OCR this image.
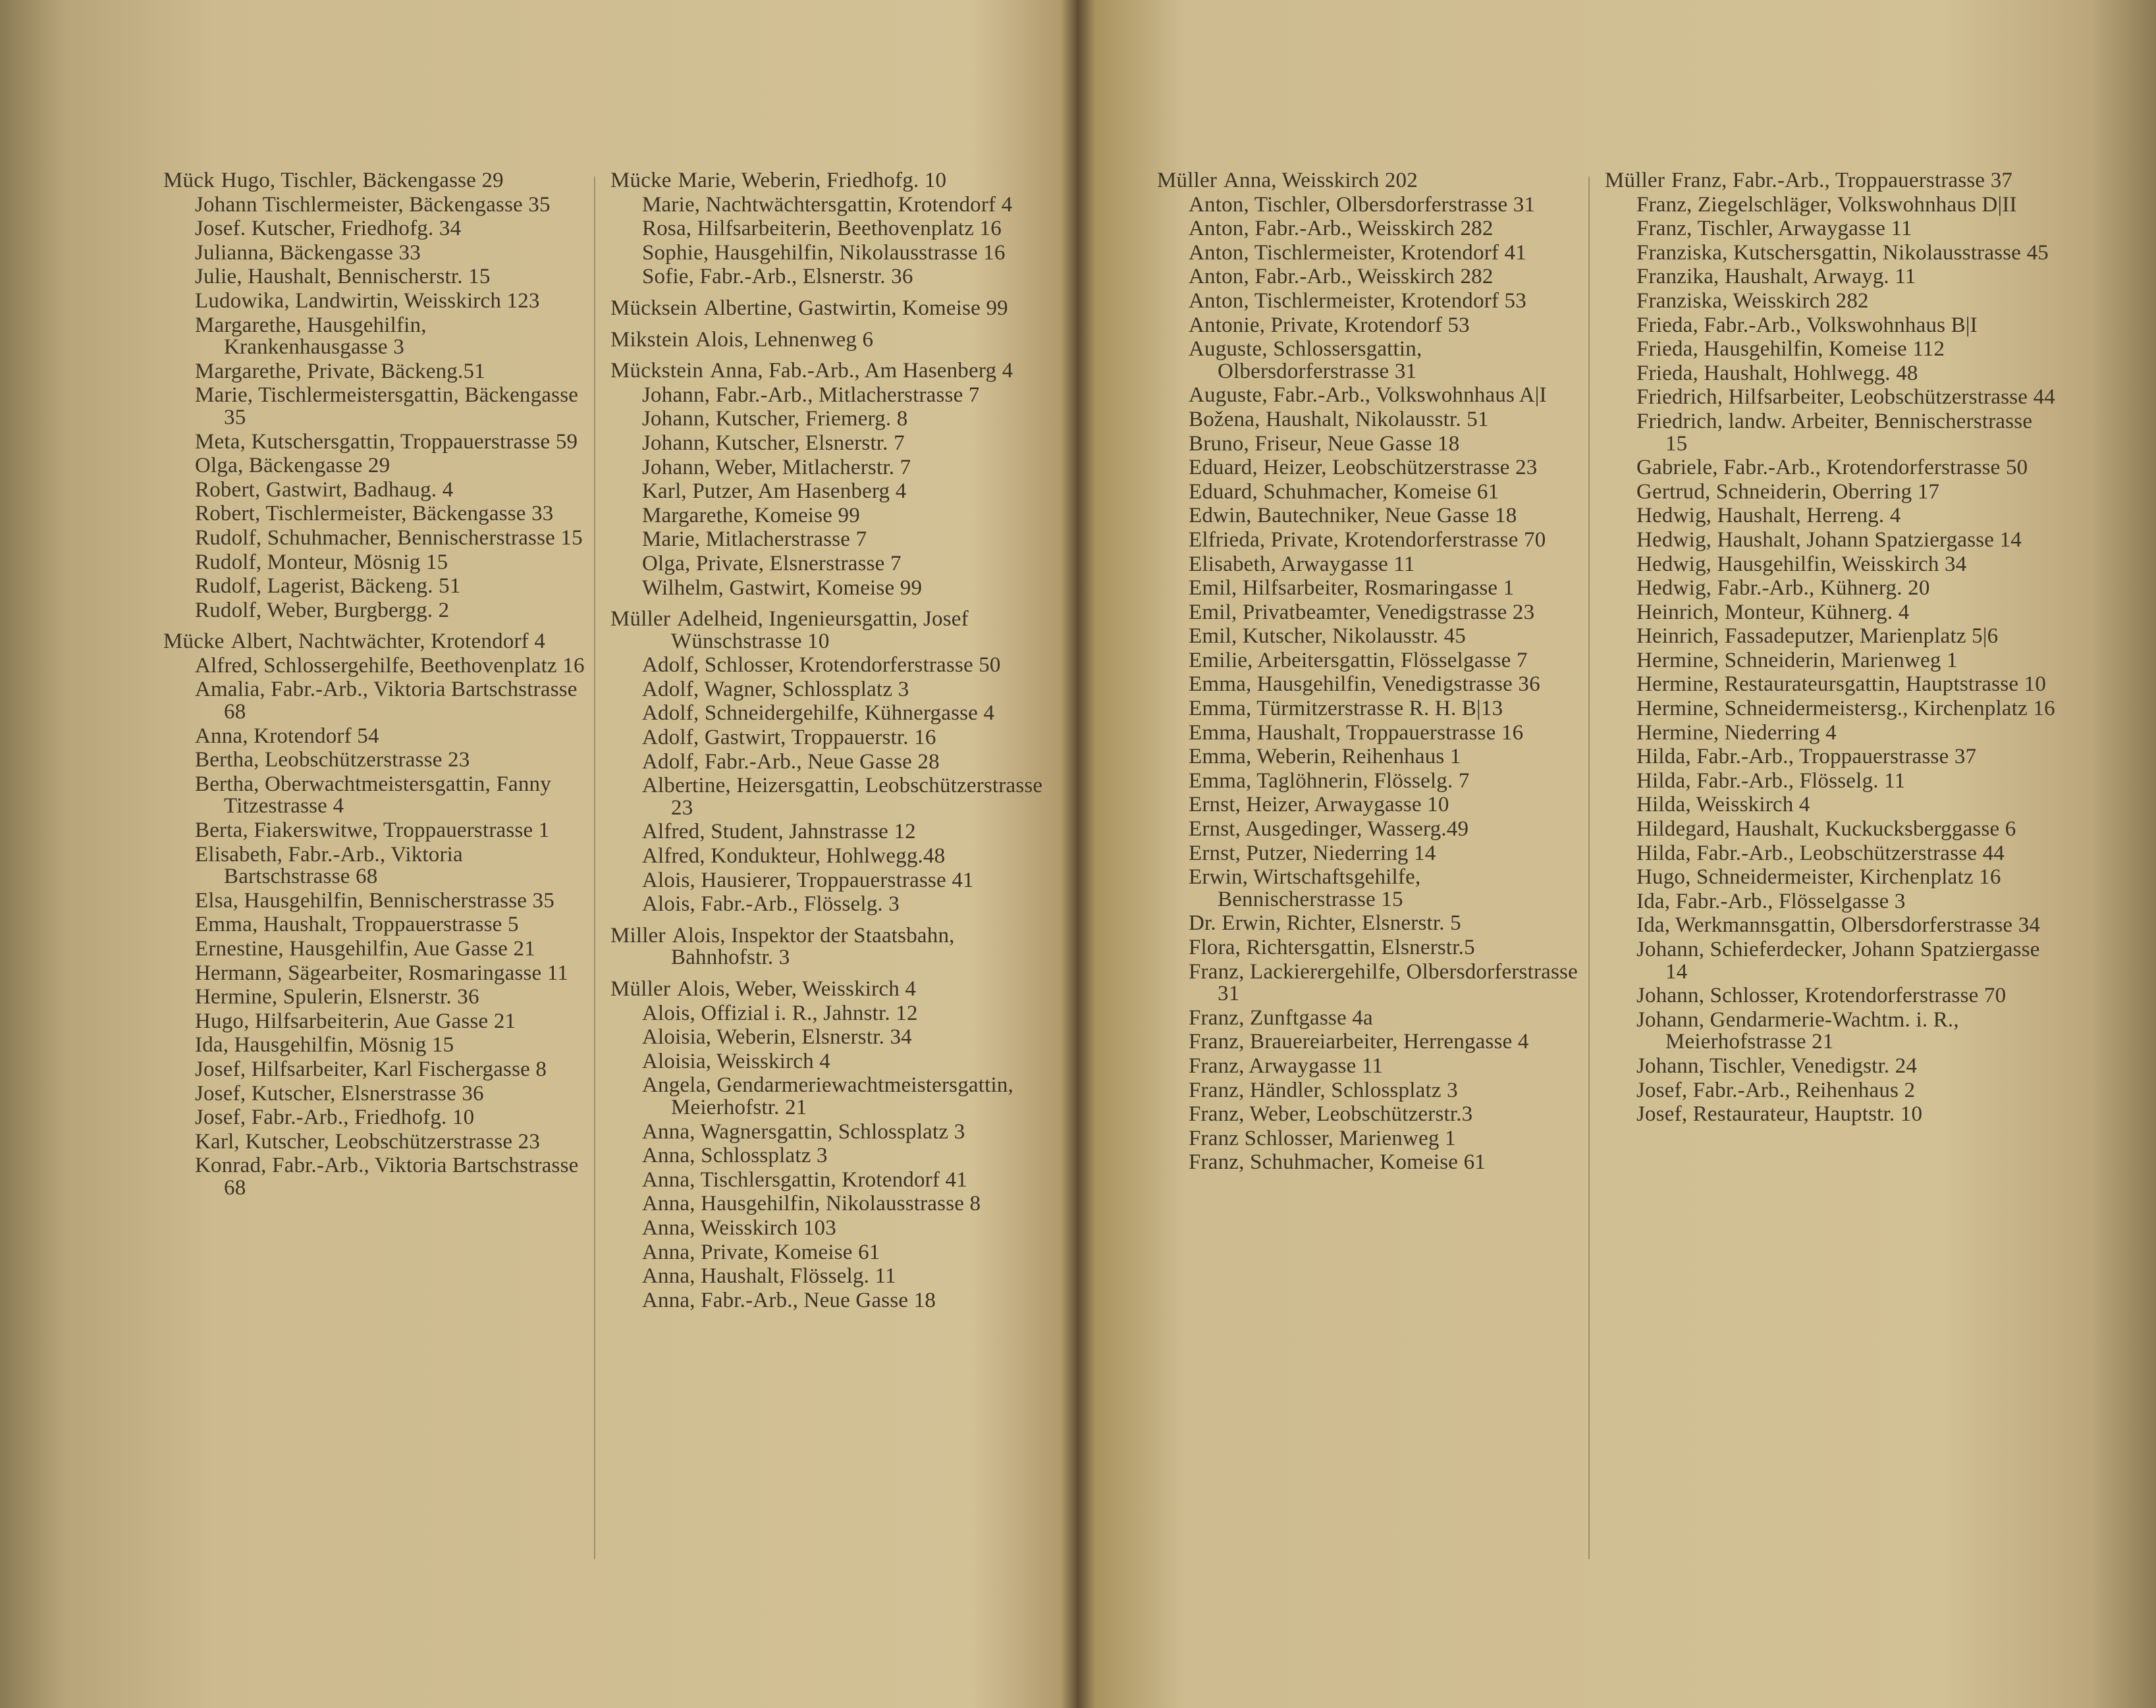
Mück Hugo, Tischler, Bäckengasse 29
Johann Tischlermeister, Bäckengasse 35
Josef. Kutscher, Friedhofg. 34
Julianna, Bäckengasse 33
Julie, Haushalt, Bennischerstr. 15
Ludowika, Landwirtin, Weisskirch 123
Margarethe, Hausgehilfin, Krankenhausgasse 3
Margarethe, Private, Bäckeng.51
Marie, Tischlermeistersgattin, Bäckengasse 35
Meta, Kutschersgattin, Troppauerstrasse 59
Olga, Bäckengasse 29
Robert, Gastwirt, Badhaug. 4
Robert, Tischlermeister, Bäckengasse 33
Rudolf, Schuhmacher, Bennischerstrasse 15
Rudolf, Monteur, Mösnig 15
Rudolf, Lagerist, Bäckeng. 51
Rudolf, Weber, Burgbergg. 2
Mücke Albert, Nachtwächter, Krotendorf 4
Alfred, Schlossergehilfe, Beethovenplatz 16
Amalia, Fabr.-Arb., Viktoria Bartschstrasse 68
Anna, Krotendorf 54
Bertha, Leobschützerstrasse 23
Bertha, Oberwachtmeistersgattin, Fanny Titzestrasse 4
Berta, Fiakerswitwe, Troppauerstrasse 1
Elisabeth, Fabr.-Arb., Viktoria Bartschstrasse 68
Elsa, Hausgehilfin, Bennischerstrasse 35
Emma, Haushalt, Troppauerstrasse 5
Ernestine, Hausgehilfin, Aue Gasse 21
Hermann, Sägearbeiter, Rosmaringasse 11
Hermine, Spulerin, Elsnerstr. 36
Hugo, Hilfsarbeiterin, Aue Gasse 21
Ida, Hausgehilfin, Mösnig 15
Josef, Hilfsarbeiter, Karl Fischergasse 8
Josef, Kutscher, Elsnerstrasse 36
Josef, Fabr.-Arb., Friedhofg. 10
Karl, Kutscher, Leobschützerstrasse 23
Konrad, Fabr.-Arb., Viktoria Bartschstrasse 68
Mücke Marie, Weberin, Friedhofg. 10
Marie, Nachtwächtersgattin, Krotendorf 4
Rosa, Hilfsarbeiterin, Beethovenplatz 16
Sophie, Hausgehilfin, Nikolausstrasse 16
Sofie, Fabr.-Arb., Elsnerstr. 36
Mücksein Albertine, Gastwirtin, Komeise 99
Mikstein Alois, Lehnenweg 6
Mückstein Anna, Fab.-Arb., Am Hasenberg 4
Johann, Fabr.-Arb., Mitlacherstrasse 7
Johann, Kutscher, Friemerg. 8
Johann, Kutscher, Elsnerstr. 7
Johann, Weber, Mitlacherstr. 7
Karl, Putzer, Am Hasenberg 4
Margarethe, Komeise 99
Marie, Mitlacherstrasse 7
Olga, Private, Elsnerstrasse 7
Wilhelm, Gastwirt, Komeise 99
Müller Adelheid, Ingenieursgattin, Josef Wünschstrasse 10
Adolf, Schlosser, Krotendorferstrasse 50
Adolf, Wagner, Schlossplatz 3
Adolf, Schneidergehilfe, Kühnergasse 4
Adolf, Gastwirt, Troppauerstr. 16
Adolf, Fabr.-Arb., Neue Gasse 28
Albertine, Heizersgattin, Leobschützerstrasse 23
Alfred, Student, Jahnstrasse 12
Alfred, Kondukteur, Hohlwegg.48
Alois, Hausierer, Troppauerstrasse 41
Alois, Fabr.-Arb., Flösselg. 3
Miller Alois, Inspektor der Staatsbahn, Bahnhofstr. 3
Müller Alois, Weber, Weisskirch 4
Alois, Offizial i. R., Jahnstr. 12
Aloisia, Weberin, Elsnerstr. 34
Aloisia, Weisskirch 4
Angela, Gendarmeriewachtmeistersgattin, Meierhofstr. 21
Anna, Wagnersgattin, Schlossplatz 3
Anna, Schlossplatz 3
Anna, Tischlersgattin, Krotendorf 41
Anna, Hausgehilfin, Nikolausstrasse 8
Anna, Weisskirch 103
Anna, Private, Komeise 61
Anna, Haushalt, Flösselg. 11
Anna, Fabr.-Arb., Neue Gasse 18
Müller Anna, Weisskirch 202
Anton, Tischler, Olbersdorferstrasse 31
Anton, Fabr.-Arb., Weisskirch 282
Anton, Tischlermeister, Krotendorf 41
Anton, Fabr.-Arb., Weisskirch 282
Anton, Tischlermeister, Krotendorf 53
Antonie, Private, Krotendorf 53
Auguste, Schlossersgattin, Olbersdorferstrasse 31
Auguste, Fabr.-Arb., Volkswohnhaus A|I
Božena, Haushalt, Nikolausstr. 51
Bruno, Friseur, Neue Gasse 18
Eduard, Heizer, Leobschützerstrasse 23
Eduard, Schuhmacher, Komeise 61
Edwin, Bautechniker, Neue Gasse 18
Elfrieda, Private, Krotendorferstrasse 70
Elisabeth, Arwaygasse 11
Emil, Hilfsarbeiter, Rosmaringasse 1
Emil, Privatbeamter, Venedigstrasse 23
Emil, Kutscher, Nikolausstr. 45
Emilie, Arbeitersgattin, Flösselgasse 7
Emma, Hausgehilfin, Venedigstrasse 36
Emma, Türmitzerstrasse R. H. B|13
Emma, Haushalt, Troppauerstrasse 16
Emma, Weberin, Reihenhaus 1
Emma, Taglöhnerin, Flösselg. 7
Ernst, Heizer, Arwaygasse 10
Ernst, Ausgedinger, Wasserg.49
Ernst, Putzer, Niederring 14
Erwin, Wirtschaftsgehilfe, Bennischerstrasse 15
Dr. Erwin, Richter, Elsnerstr. 5
Flora, Richtersgattin, Elsnerstr.5
Franz, Lackierergehilfe, Olbersdorferstrasse 31
Franz, Zunftgasse 4a
Franz, Brauereiarbeiter, Herrengasse 4
Franz, Arwaygasse 11
Franz, Händler, Schlossplatz 3
Franz, Weber, Leobschützerstr.3
Franz Schlosser, Marienweg 1
Franz, Schuhmacher, Komeise 61
Müller Franz, Fabr.-Arb., Troppauerstrasse 37
Franz, Ziegelschläger, Volkswohnhaus D|II
Franz, Tischler, Arwaygasse 11
Franziska, Kutschersgattin, Nikolausstrasse 45
Franzika, Haushalt, Arwayg. 11
Franziska, Weisskirch 282
Frieda, Fabr.-Arb., Volkswohnhaus B|I
Frieda, Hausgehilfin, Komeise 112
Frieda, Haushalt, Hohlwegg. 48
Friedrich, Hilfsarbeiter, Leobschützerstrasse 44
Friedrich, landw. Arbeiter, Bennischerstrasse 15
Gabriele, Fabr.-Arb., Krotendorferstrasse 50
Gertrud, Schneiderin, Oberring 17
Hedwig, Haushalt, Herreng. 4
Hedwig, Haushalt, Johann Spatziergasse 14
Hedwig, Hausgehilfin, Weisskirch 34
Hedwig, Fabr.-Arb., Kühnerg. 20
Heinrich, Monteur, Kühnerg. 4
Heinrich, Fassadeputzer, Marienplatz 5|6
Hermine, Schneiderin, Marienweg 1
Hermine, Restaurateursgattin, Hauptstrasse 10
Hermine, Schneidermeistersg., Kirchenplatz 16
Hermine, Niederring 4
Hilda, Fabr.-Arb., Troppauerstrasse 37
Hilda, Fabr.-Arb., Flösselg. 11
Hilda, Weisskirch 4
Hildegard, Haushalt, Kuckucksberggasse 6
Hilda, Fabr.-Arb., Leobschützerstrasse 44
Hugo, Schneidermeister, Kirchenplatz 16
Ida, Fabr.-Arb., Flösselgasse 3
Ida, Werkmannsgattin, Olbersdorferstrasse 34
Johann, Schieferdecker, Johann Spatziergasse 14
Johann, Schlosser, Krotendorferstrasse 70
Johann, Gendarmerie-Wachtm. i. R., Meierhofstrasse 21
Johann, Tischler, Venedigstr. 24
Josef, Fabr.-Arb., Reihenhaus 2
Josef, Restaurateur, Hauptstr. 10
